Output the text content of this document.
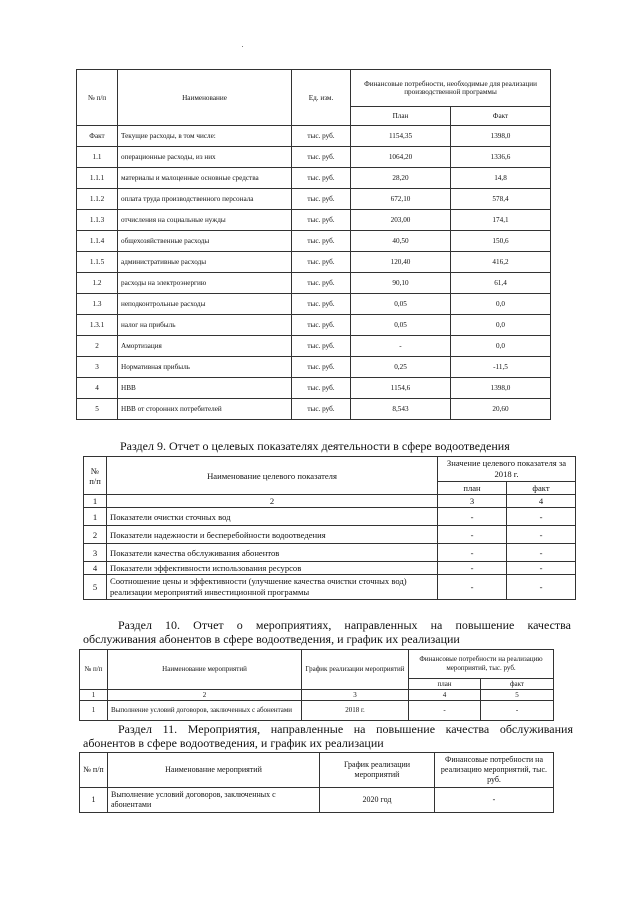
№ п/п	Наименование	Ед. изм.	Финансовые потребности, необходимые для реализации производственной программы	
			План	Факт
Факт	Текущие расходы, в том числе:	тыс. руб.	1154,35	1398,0
1.1	операционные расходы, из них	тыс. руб.	1064,20	1336,6
1.1.1	материалы и малоценные основные средства	тыс. руб.	28,20	14,8
1.1.2	оплата труда производственного персонала	тыс. руб.	672,10	578,4
1.1.3	отчисления на социальные нужды	тыс. руб.	203,00	174,1
1.1.4	общехозяйственные расходы	тыс. руб.	40,50	150,6
1.1.5	административные расходы	тыс. руб.	120,40	416,2
1.2	расходы на электроэнергию	тыс. руб.	90,10	61,4
1.3	неподконтрольные расходы	тыс. руб.	0,05	0,0
1.3.1	налог на прибыль	тыс. руб.	0,05	0,0
2	Амортизация	тыс. руб.	-	0,0
3	Нормативная прибыль	тыс. руб.	0,25	-11,5
4	НВВ	тыс. руб.	1154,6	1398,0
5	НВВ от сторонних потребителей	тыс. руб.	8,543	20,60
Раздел 9. Отчет о целевых показателях деятельности в сфере водоотведения
№ п/п	Наименование целевого показателя	Значение целевого показателя за 2018 г.	
		план	факт
1	2	3	4
1	Показатели очистки сточных вод	-	-
2	Показатели надежности и бесперебойности водоотведения	-	-
3	Показатели качества обслуживания абонентов	-	-
4	Показатели эффективности использования ресурсов	-	-
5	Соотношение цены и эффективности (улучшение качества очистки сточных вод) реализации мероприятий инвестиционной программы	-	-
Раздел 10. Отчет о мероприятиях, направленных на повышение качества
обслуживания абонентов в сфере водоотведения, и график их реализации
№ п/п	Наименование мероприятий	График реализации мероприятий	Финансовые потребности на реализацию мероприятий, тыс. руб.	
			план	факт
1	2	3	4	5
1	Выполнение условий договоров, заключенных с абонентами	2018 г.	-	-
Раздел 11. Мероприятия, направленные на повышение качества обслуживания
абонентов в сфере водоотведения, и график их реализации
№ п/п	Наименование мероприятий	График реализации мероприятий	Финансовые потребности на реализацию мероприятий, тыс. руб.
1	Выполнение условий договоров, заключенных с абонентами	2020 год	-
